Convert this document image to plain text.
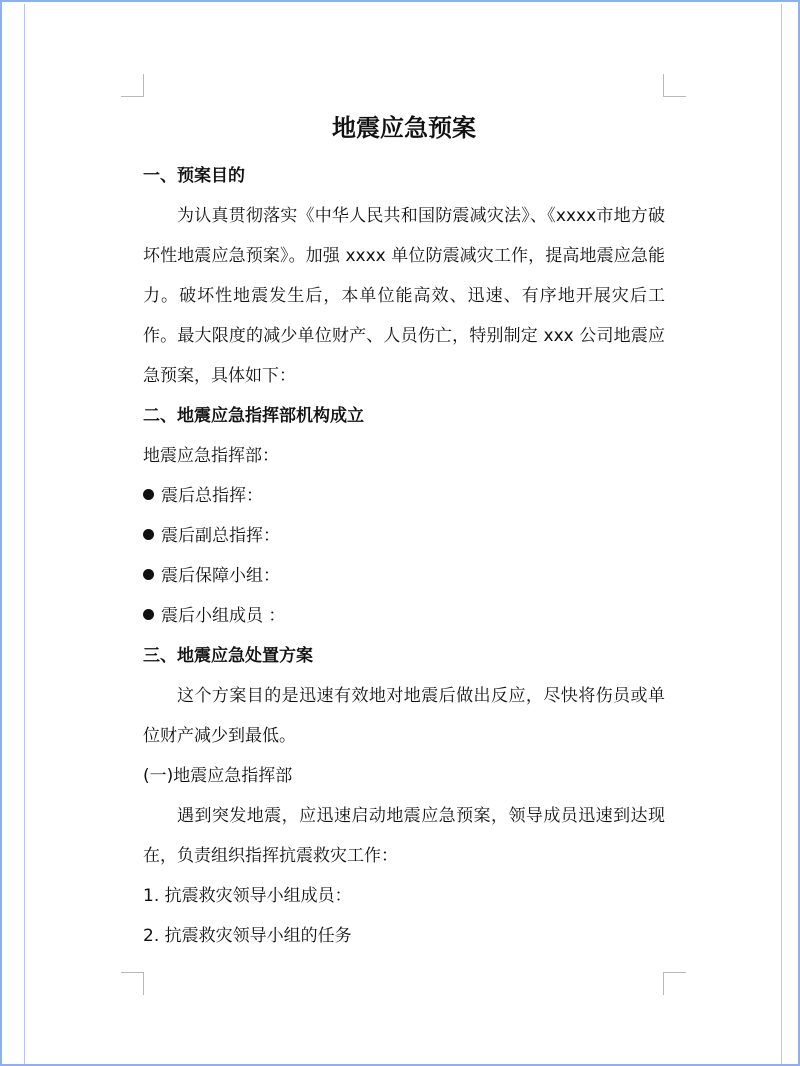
地震应急预案
一、预案目的
为认真贯彻落实《中华人民共和国防震减灾法》、《xxxx市地方破坏性地震应急预案》。加强 xxxx 单位防震减灾工作，提高地震应急能力。破坏性地震发生后，本单位能高效、迅速、有序地开展灾后工作。最大限度的减少单位财产、人员伤亡，特别制定 xxx 公司地震应急预案，具体如下：
二、地震应急指挥部机构成立
地震应急指挥部：
震后总指挥：
震后副总指挥：
震后保障小组：
震后小组成员 ：
三、地震应急处置方案
这个方案目的是迅速有效地对地震后做出反应，尽快将伤员或单位财产减少到最低。
(一)地震应急指挥部
遇到突发地震，应迅速启动地震应急预案，领导成员迅速到达现在，负责组织指挥抗震救灾工作：
1. 抗震救灾领导小组成员：
2. 抗震救灾领导小组的任务
